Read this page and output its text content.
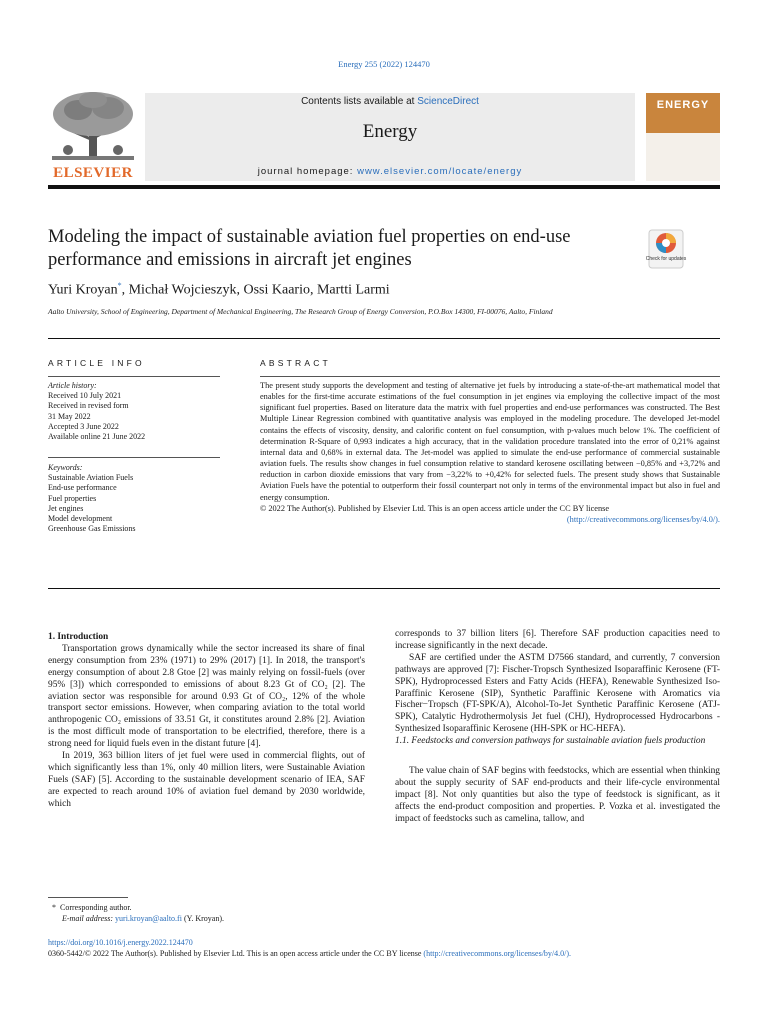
Energy 255 (2022) 124470
ELSEVIER
Contents lists available at ScienceDirect
Energy
journal homepage: www.elsevier.com/locate/energy
ENERGY
Modeling the impact of sustainable aviation fuel properties on end-use performance and emissions in aircraft jet engines	Check for updates
Yuri Kroyan*, Michał Wojcieszyk, Ossi Kaario, Martti Larmi
Aalto University, School of Engineering, Department of Mechanical Engineering, The Research Group of Energy Conversion, P.O.Box 14300, FI-00076, Aalto, Finland
ARTICLE INFO
Article history:
Received 10 July 2021
Received in revised form
31 May 2022
Accepted 3 June 2022
Available online 21 June 2022
Keywords:
Sustainable Aviation Fuels
End-use performance
Fuel properties
Jet engines
Model development
Greenhouse Gas Emissions
ABSTRACT
The present study supports the development and testing of alternative jet fuels by introducing a state-of-the-art mathematical model that enables for the first-time accurate estimations of the fuel consumption in jet engines via employing the collective impact of the most significant fuel properties. Based on literature data the matrix with fuel properties and end-use performances was constructed. The Best Multiple Linear Regression combined with quantitative analysis was employed in the modeling procedure. The developed Jet-model contains the effects of viscosity, density, and calorific content on fuel consumption, with p-values much below 1%. The coefficient of determination R-Square of 0,993 indicates a high accuracy, that in the validation procedure translated into the error of 0,21% against internal data and 0,68% in external data. The Jet-model was applied to simulate the end-use performance of commercial sustainable aviation fuels. The results show changes in fuel consumption relative to standard kerosene oscillating between −0,85% and +3,72% and reduction in carbon dioxide emissions that vary from −3,22% to +0,42% for selected fuels. The present study shows that Sustainable Aviation Fuels have the potential to outperform their fossil counterpart not only in terms of the environmental impact but also in fuel and energy consumption.
© 2022 The Author(s). Published by Elsevier Ltd. This is an open access article under the CC BY license
(http://creativecommons.org/licenses/by/4.0/).

1. Introduction

Transportation grows dynamically while the sector increased its share of final energy consumption from 23% (1971) to 29% (2017) [1]. In 2018, the transport's energy consumption of about 2.8 Gtoe [2] was mainly relying on fossil-fuels (over 95% [3]) which corresponded to emissions of about 8.23 Gt of CO₂ [2]. The aviation sector was responsible for around 0.93 Gt of CO₂, 12% of the whole transport sector emissions. However, when comparing aviation to the total world anthropogenic CO₂ emissions of 33.51 Gt, it constitutes around 2.8% [2]. Aviation is the most difficult mode of transportation to be electrified, therefore, there is a strong need for liquid fuels even in the distant future [4].

In 2019, 363 billion liters of jet fuel were used in commercial flights, out of which significantly less than 1%, only 40 million liters, were Sustainable Aviation Fuels (SAF) [5]. According to the sustainable development scenario of IEA, SAF are expected to reach around 10% of aviation fuel demand by 2030 worldwide, which

corresponds to 37 billion liters [6]. Therefore SAF production capacities need to increase significantly in the next decade.

SAF are certified under the ASTM D7566 standard, and currently, 7 conversion pathways are approved [7]: Fischer-Tropsch Synthesized Isoparaffinic Kerosene (FT-SPK), Hydroprocessed Esters and Fatty Acids (HEFA), Renewable Synthesized Iso-Paraffinic Kerosene (SIP), Synthetic Paraffinic Kerosene with Aromatics via Fischer−Tropsch (FT-SPK/A), Alcohol-To-Jet Synthetic Paraffinic Kerosene (ATJ-SPK), Catalytic Hydrothermolysis Jet fuel (CHJ), Hydroprocessed Hydrocarbons - Synthesized Isoparaffinic Kerosene (HH-SPK or HC-HEFA).

1.1. Feedstocks and conversion pathways for sustainable aviation fuels production

The value chain of SAF begins with feedstocks, which are essential when thinking about the supply security of SAF end-products and their life-cycle environmental impact [8]. Not only quantities but also the type of feedstock is significant, as it affects the end-product composition and properties. P. Vozka et al. investigated the impact of feedstocks such as camelina, tallow, and

* Corresponding author.
E-mail address: yuri.kroyan@aalto.fi (Y. Kroyan).
https://doi.org/10.1016/j.energy.2022.124470
0360-5442/© 2022 The Author(s). Published by Elsevier Ltd. This is an open access article under the CC BY license (http://creativecommons.org/licenses/by/4.0/).
